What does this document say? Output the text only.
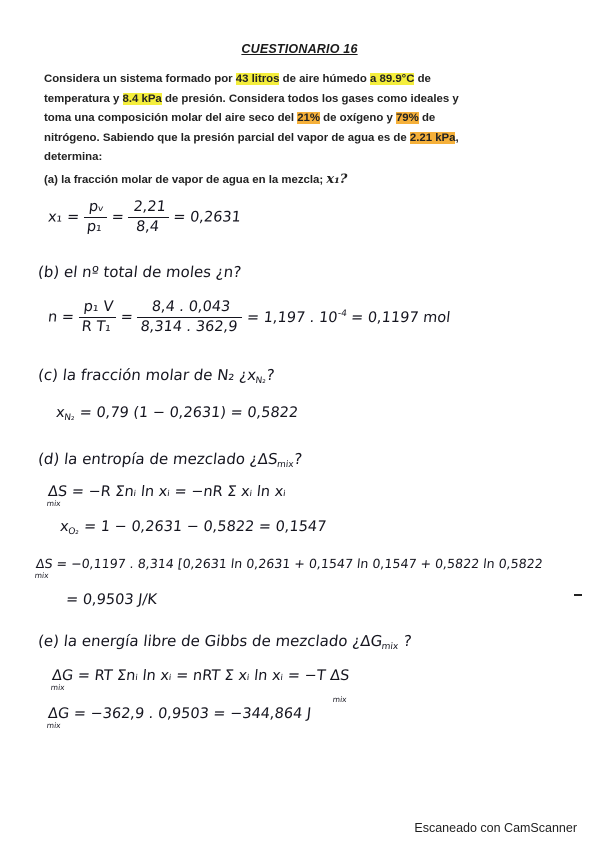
CUESTIONARIO 16
Considera un sistema formado por 43 litros de aire húmedo a 89.9°C de temperatura y 8.4 kPa de presión. Considera todos los gases como ideales y toma una composición molar del aire seco del 21% de oxígeno y 79% de nitrógeno. Sabiendo que la presión parcial del vapor de agua es de 2.21 kPa, determina:
(a) la fracción molar de vapor de agua en la mezcla; x₁?
$x_1 = \frac{\text{pᵥ}}{\text{p₁}} = \frac{2,21}{8,4} = 0,2631$
(b) el nº total de moles ¿n?
$n = \frac{\text{p₁ V}}{\text{R T₁}} = \frac{8,4 . 0,043}{8,314 . 362,9} = 1,197$ . $10^{-4} = 0,1197$ mol
(c) la fracción molar de N₂ ¿$x_{N_2}$?
$x_{N_2} = 0,79$ (1 − 0,2631) = 0,5822
(d) la entropía de mezclado ¿$\Delta S_{mix}$?
ΔS
mix
= −R Σnᵢ ln xᵢ = −nR Σ xᵢ ln xᵢ
$x_{O_2} = 1 - 0,2631 - 0,5822 = 0,1547$
ΔS
mix
= −0,1197 . 8,314 [0,2631 ln 0,2631 + 0,1547 ln 0,1547 + 0,5822 ln 0,5822
= 0,9503 J/K
(e) la energía libre de Gibbs de mezclado ¿$\Delta G_{mix}$ ?
ΔG
mix
= RT Σnᵢ ln xᵢ = nRT Σ xᵢ ln xᵢ = −T ΔS
mix
ΔG
mix
= −362,9 . 0,9503 = −344,864 J
Escaneado con CamScanner
